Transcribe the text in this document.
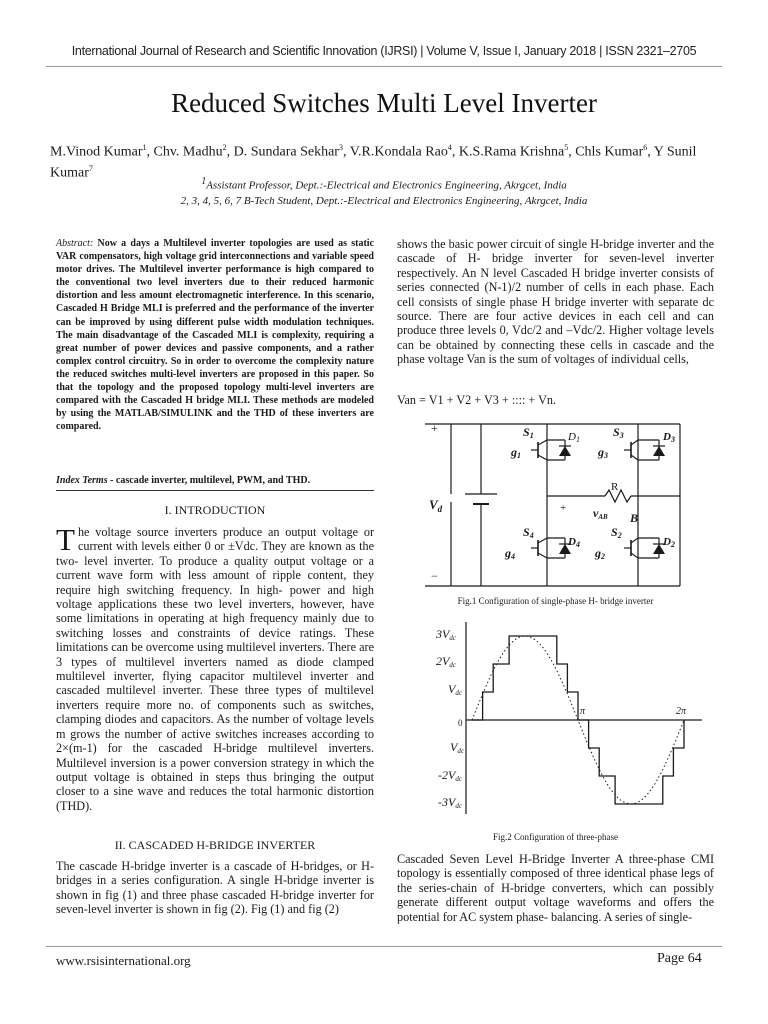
International Journal of Research and Scientific Innovation (IJRSI) | Volume V, Issue I, January 2018 | ISSN 2321–2705
Reduced Switches Multi Level Inverter
M.Vinod Kumar$^1$, Chv. Madhu$^2$, D. Sundara Sekhar$^3$, V.R.Kondala Rao$^4$, K.S.Rama Krishna$^5$, Chls Kumar$^6$, Y Sunil Kumar$^7$
$^1$Assistant Professor, Dept.:-Electrical and Electronics Engineering, Akrgcet, India
2, 3, 4, 5, 6, 7 B-Tech Student, Dept.:-Electrical and Electronics Engineering, Akrgcet, India
Abstract: Now a days a Multilevel inverter topologies are used as static VAR compensators, high voltage grid interconnections and variable speed motor drives. The Multilevel inverter performance is high compared to the conventional two level inverters due to their reduced harmonic distortion and less amount electromagnetic interference. In this scenario, Cascaded H Bridge MLI is preferred and the performance of the inverter can be improved by using different pulse width modulation techniques. The main disadvantage of the Cascaded MLI is complexity, requiring a great number of power devices and passive components, and a rather complex control circuitry. So in order to overcome the complexity nature the reduced switches multi-level inverters are proposed in this paper. So that the topology and the proposed topology multi-level inverters are compared with the Cascaded H bridge MLI. These methods are modeled by using the MATLAB/SIMULINK and the THD of these inverters are compared.
Index Terms - cascade inverter, multilevel, PWM, and THD.
I. INTRODUCTION
The voltage source inverters produce an output voltage or current with levels either 0 or ±Vdc. They are known as the two- level inverter. To produce a quality output voltage or a current wave form with less amount of ripple content, they require high switching frequency. In high- power and high voltage applications these two level inverters, however, have some limitations in operating at high frequency mainly due to switching losses and constraints of device ratings. These limitations can be overcome using multilevel inverters. There are 3 types of multilevel inverters named as diode clamped multilevel inverter, flying capacitor multilevel inverter and cascaded multilevel inverter. These three types of multilevel inverters require more no. of components such as switches, clamping diodes and capacitors. As the number of voltage levels m grows the number of active switches increases according to 2×(m-1) for the cascaded H-bridge multilevel inverters. Multilevel inversion is a power conversion strategy in which the output voltage is obtained in steps thus bringing the output closer to a sine wave and reduces the total harmonic distortion (THD).
II. CASCADED H-BRIDGE INVERTER
The cascade H-bridge inverter is a cascade of H-bridges, or H-bridges in a series configuration. A single H-bridge inverter is shown in fig (1) and three phase cascaded H-bridge inverter for seven-level inverter is shown in fig (2). Fig (1) and fig (2)
shows the basic power circuit of single H-bridge inverter and the cascade of H- bridge inverter for seven-level inverter respectively. An N level Cascaded H bridge inverter consists of series connected (N-1)/2 number of cells in each phase. Each cell consists of single phase H bridge inverter with separate dc source. There are four active devices in each cell and can produce three levels 0, Vdc/2 and –Vdc/2. Higher voltage levels can be obtained by connecting these cells in cascade and the phase voltage Van is the sum of voltages of individual cells,
Van = V1 + V2 + V3 + :::: + Vn.
+
−
$V_d$
S1
g1
D1
S3
g3
D3
R
+ vAB B
S4
g4
D4
S2
g2
D2
Fig.1 Configuration of single-phase H- bridge inverter
3Vdc
2Vdc
Vdc
0
Vdc
-2Vdc
-3Vdc
π	2π
Fig.2 Configuration of three-phase
Cascaded Seven Level H-Bridge Inverter A three-phase CMI topology is essentially composed of three identical phase legs of the series-chain of H-bridge converters, which can possibly generate different output voltage waveforms and offers the potential for AC system phase- balancing. A series of single-
www.rsisinternational.org	Page 64
